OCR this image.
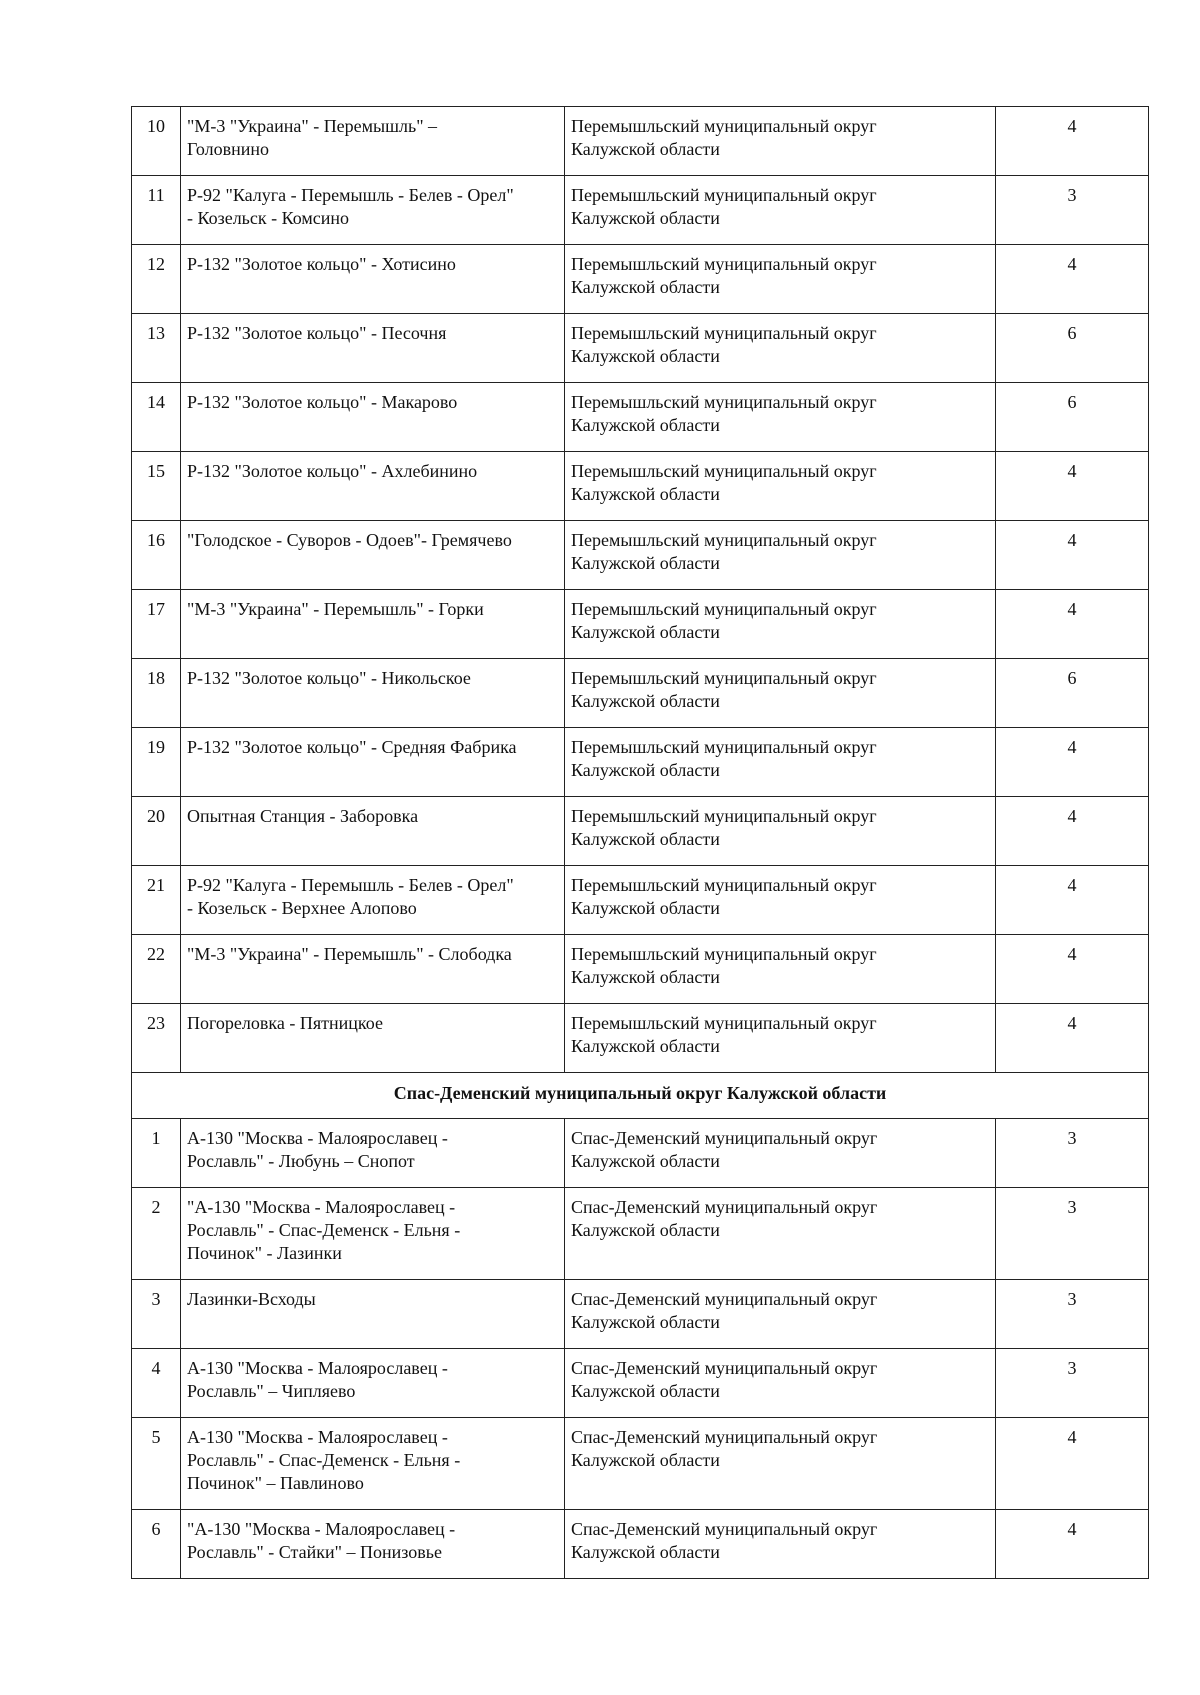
10	"М-3 "Украина" - Перемышль" –
Головнино	Перемышльский муниципальный округ
Калужской области	4
11	Р-92 "Калуга - Перемышль - Белев - Орел"
- Козельск - Комсино	Перемышльский муниципальный округ
Калужской области	3
12	Р-132 "Золотое кольцо" - Хотисино	Перемышльский муниципальный округ
Калужской области	4
13	Р-132 "Золотое кольцо" - Песочня	Перемышльский муниципальный округ
Калужской области	6
14	Р-132 "Золотое кольцо" - Макарово	Перемышльский муниципальный округ
Калужской области	6
15	Р-132 "Золотое кольцо" - Ахлебинино	Перемышльский муниципальный округ
Калужской области	4
16	"Голодское - Суворов - Одоев"- Гремячево	Перемышльский муниципальный округ
Калужской области	4
17	"М-3 "Украина" - Перемышль" - Горки	Перемышльский муниципальный округ
Калужской области	4
18	Р-132 "Золотое кольцо" - Никольское	Перемышльский муниципальный округ
Калужской области	6
19	Р-132 "Золотое кольцо" - Средняя Фабрика	Перемышльский муниципальный округ
Калужской области	4
20	Опытная Станция - Заборовка	Перемышльский муниципальный округ
Калужской области	4
21	Р-92 "Калуга - Перемышль - Белев - Орел"
- Козельск - Верхнее Алопово	Перемышльский муниципальный округ
Калужской области	4
22	"М-3 "Украина" - Перемышль" - Слободка	Перемышльский муниципальный округ
Калужской области	4
23	Погореловка - Пятницкое	Перемышльский муниципальный округ
Калужской области	4
Спас-Деменский муниципальный округ Калужской области			
1	А-130 "Москва - Малоярославец -
Рославль" - Любунь – Снопот	Спас-Деменский муниципальный округ
Калужской области	3
2	"А-130 "Москва - Малоярославец -
Рославль" - Спас-Деменск - Ельня -
Починок" - Лазинки	Спас-Деменский муниципальный округ
Калужской области	3
3	Лазинки-Всходы	Спас-Деменский муниципальный округ
Калужской области	3
4	А-130 "Москва - Малоярославец -
Рославль" – Чипляево	Спас-Деменский муниципальный округ
Калужской области	3
5	А-130 "Москва - Малоярославец -
Рославль" - Спас-Деменск - Ельня -
Починок" – Павлиново	Спас-Деменский муниципальный округ
Калужской области	4
6	"А-130 "Москва - Малоярославец -
Рославль" - Стайки" – Понизовье	Спас-Деменский муниципальный округ
Калужской области	4
